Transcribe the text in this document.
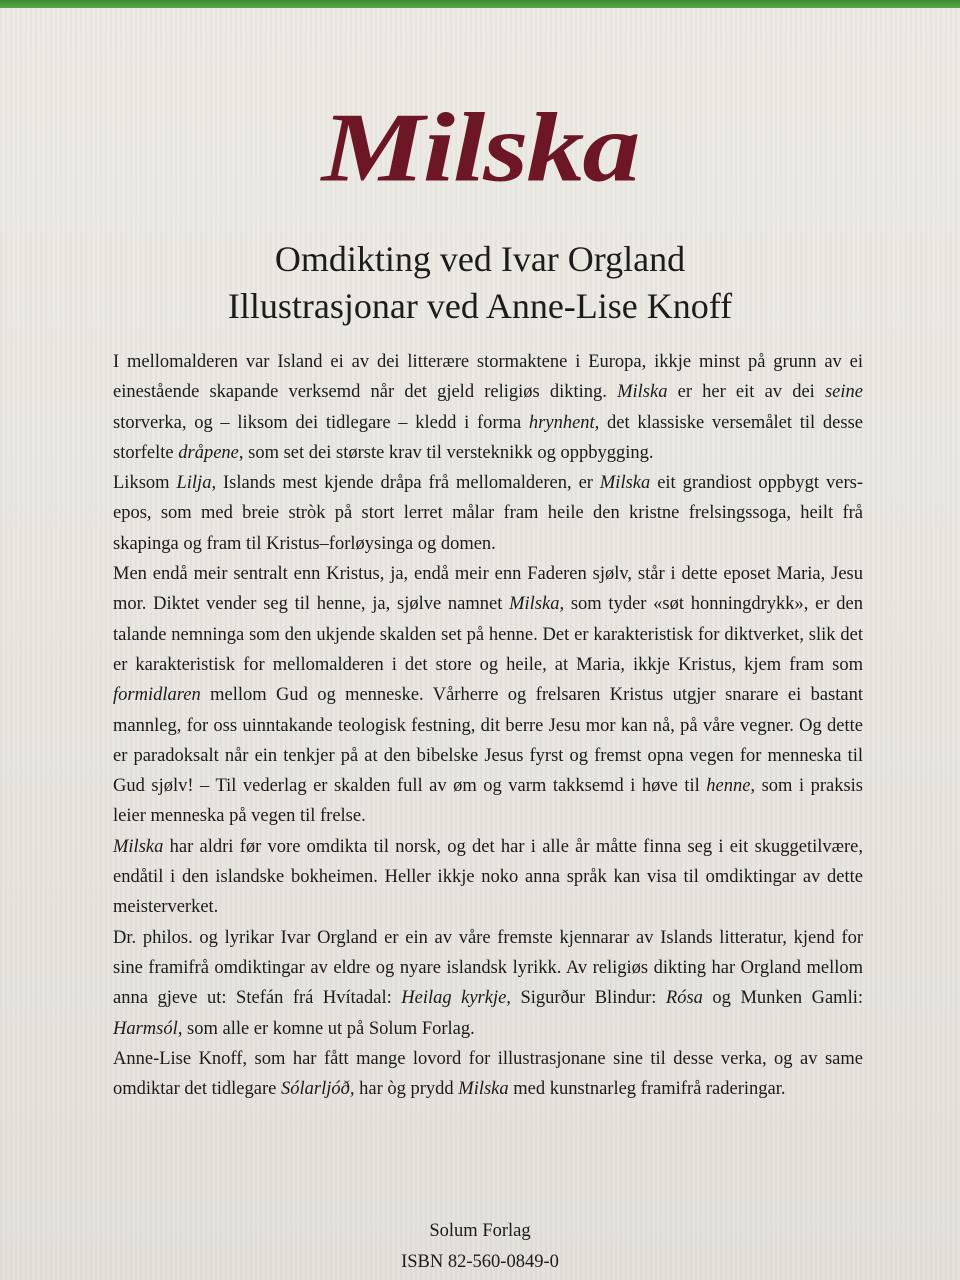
Milska
Omdikting ved Ivar Orgland
Illustrasjonar ved Anne-Lise Knoff

I mellomalderen var Island ei av dei litterære stormaktene i Europa, ikkje minst på grunn av ei einestående skapande verksemd når det gjeld religiøs dikting. Milska er her eit av dei seine storverka, og – liksom dei tidlegare – kledd i forma hrynhent, det klassiske versemålet til desse storfelte dråpene, som set dei største krav til versteknikk og oppbygging.

Liksom Lilja, Islands mest kjende dråpa frå mellomalderen, er Milska eit grandiost oppbygt vers-epos, som med breie stròk på stort lerret målar fram heile den kristne frelsingssoga, heilt frå skapinga og fram til Kristus–forløysinga og domen.

Men endå meir sentralt enn Kristus, ja, endå meir enn Faderen sjølv, står i dette eposet Maria, Jesu mor. Diktet vender seg til henne, ja, sjølve namnet Milska, som tyder «søt honningdrykk», er den talande nemninga som den ukjende skalden set på henne. Det er karakteristisk for diktverket, slik det er karakteristisk for mellomalderen i det store og heile, at Maria, ikkje Kristus, kjem fram som formidlaren mellom Gud og menneske. Vårherre og frelsaren Kristus utgjer snarare ei bastant mannleg, for oss uinntakande teologisk festning, dit berre Jesu mor kan nå, på våre vegner. Og dette er paradoksalt når ein tenkjer på at den bibelske Jesus fyrst og fremst opna vegen for menneska til Gud sjølv! – Til vederlag er skalden full av øm og varm takksemd i høve til henne, som i praksis leier menneska på vegen til frelse.

Milska har aldri før vore omdikta til norsk, og det har i alle år måtte finna seg i eit skuggetilvære, endåtil i den islandske bokheimen. Heller ikkje noko anna språk kan visa til omdiktingar av dette meisterverket.

Dr. philos. og lyrikar Ivar Orgland er ein av våre fremste kjennarar av Islands litteratur, kjend for sine framifrå omdiktingar av eldre og nyare islandsk lyrikk. Av religiøs dikting har Orgland mellom anna gjeve ut: Stefán frá Hvítadal: Heilag kyrkje, Sigurður Blindur: Rósa og Munken Gamli: Harmsól, som alle er komne ut på Solum Forlag.

Anne-Lise Knoff, som har fått mange lovord for illustrasjonane sine til desse verka, og av same omdiktar det tidlegare Sólarljóð, har òg prydd Milska med kunstnarleg framifrå raderingar.

Solum Forlag
ISBN 82-560-0849-0
